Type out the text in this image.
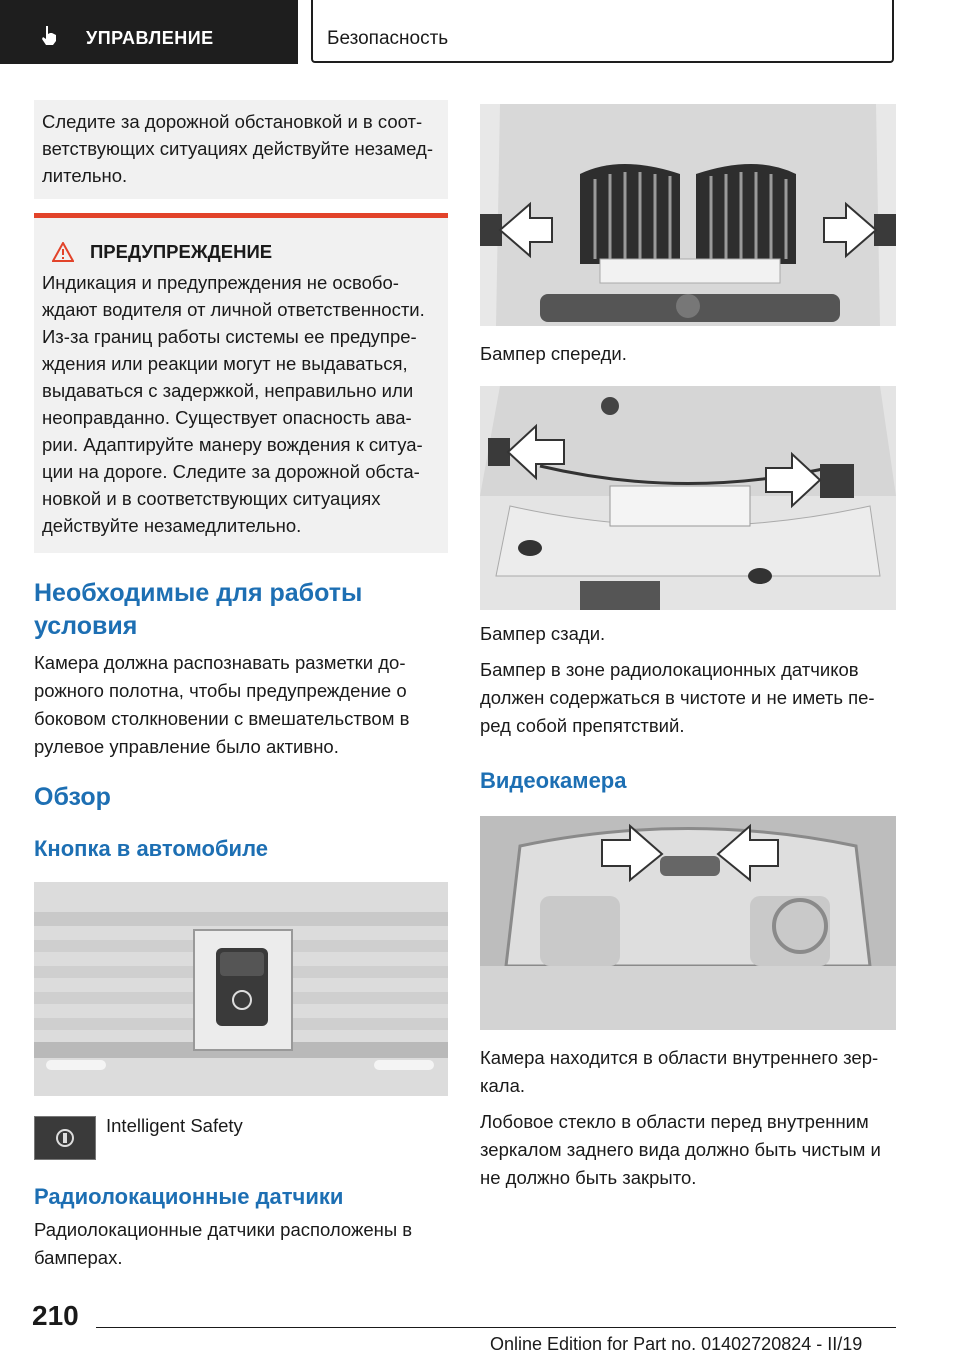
УПРАВЛЕНИЕ	Безопасность
Следите за дорожной обстановкой и в соот-ветствующих ситуациях действуйте незамед-лительно.
ПРЕДУПРЕЖДЕНИЕ
Индикация и предупреждения не освобо-ждают водителя от личной ответственности. Из-за границ работы системы ее предупре-ждения или реакции могут не выдаваться, выдаваться с задержкой, неправильно или неоправданно. Существует опасность ава-рии. Адаптируйте манеру вождения к ситуа-ции на дороге. Следите за дорожной обста-новкой и в соответствующих ситуациях действуйте незамедлительно.
Необходимые для работы условия

Камера должна распознавать разметки до-рожного полотна, чтобы предупреждение о боковом столкновении с вмешательством в рулевое управление было активно.

Обзор
Кнопка в автомобиле
Intelligent Safety
Радиолокационные датчики

Радиолокационные датчики расположены в бамперах.

Бампер спереди.
Бампер сзади.

Бампер в зоне радиолокационных датчиков должен содержаться в чистоте и не иметь пе-ред собой препятствий.

Видеокамера
Камера находится в области внутреннего зер-кала.

Лобовое стекло в области перед внутренним зеркалом заднего вида должно быть чистым и не должно быть закрыто.

210
Online Edition for Part no. 01402720824 - II/19
